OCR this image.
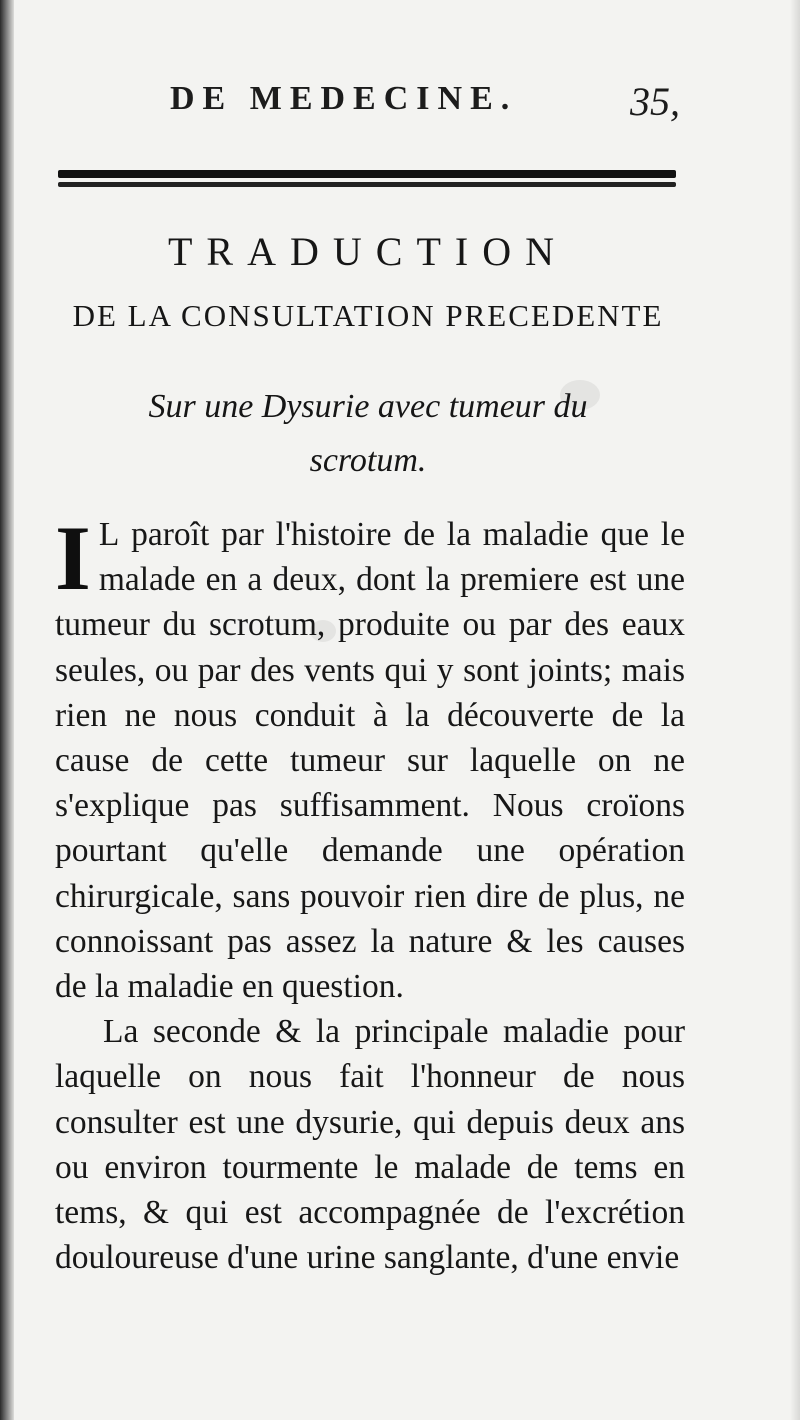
DE MEDECINE.	35,
TRADUCTION
DE LA CONSULTATION PRECEDENTE
Sur une Dysurie avec tumeur du
scrotum.

I L paroît par l'histoire de la maladie que le malade en a deux, dont la premiere est une tumeur du scrotum, produite ou par des eaux seules, ou par des vents qui y sont joints; mais rien ne nous conduit à la découverte de la cause de cette tumeur sur laquelle on ne s'explique pas suffisamment. Nous croïons pourtant qu'elle demande une opération chirurgicale, sans pouvoir rien dire de plus, ne connoissant pas assez la nature & les causes de la maladie en question.

La seconde & la principale maladie pour laquelle on nous fait l'honneur de nous consulter est une dysurie, qui depuis deux ans ou environ tourmente le malade de tems en tems, & qui est accompagnée de l'excrétion douloureuse d'une urine sanglante, d'une envie
